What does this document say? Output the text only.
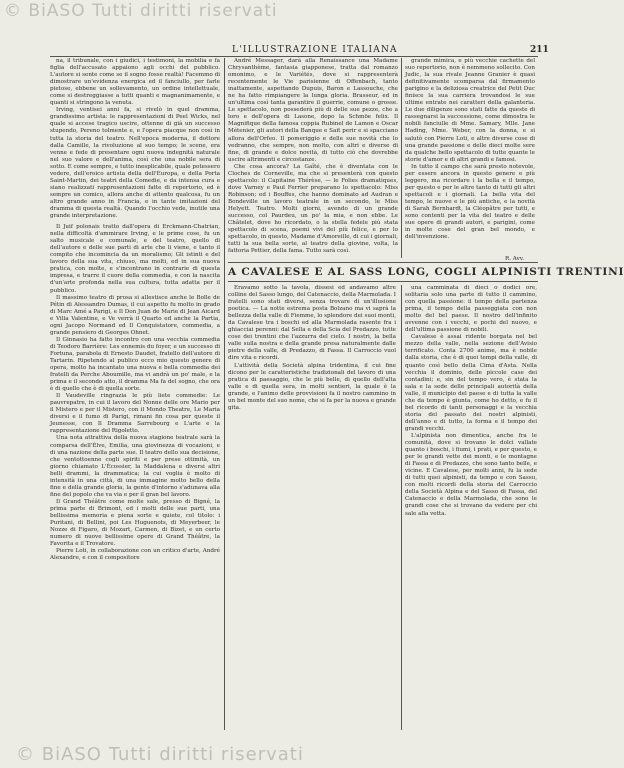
© BiASO Tutti diritti riservati
L'ILLUSTRAZIONE ITALIANA	211

na, il tribunale, con i giudici, i testimoni, la mobilia e fa figlia dell'accusato appaiono agli occhi del pubblico. L'autore si sente come se il sogno fosse realtà! Facemmo di dimostrare un'evidenza energica ed il fanciullo, per farle pietose, ebbene un sollevamento, un ordine intellettuale, come si destreggiasse a tutti quanti e magnanimamente, e quanti si stringono la venuta.

Irving, ventisei anni fa, si rivelò in quel dramma, grandissimo artista: le rappresentazioni di Peel Wicks, nel quale si accese tragico uscire, ottenne di già un successo stupendo, Pereno tolmente e, e l'opera piacque non così in tutta la storia del teatro. Nell'epoca moderna, il dottore dalla Camille, la rivoluzione al suo tempo; le scene, era venne e fede di presentare ogni nuova indegnità naturale nel suo valore e dell'anima, così che una nobile sera di sotto. E come sempre, e tutto inesplicabile, quale potessero vedere, dell'eroico artista della dell'Europa, e della Porta Saint-Martin, dei teatri della Comedie, e da intensa cura e siano realizzati rappresentazioni fatte di repertorio, ed è sempre un comico, allora anche di attento qualcosa, fu un altro grande anno in Francia, e in tante imitazioni del dramma di questa realtà. Quando l'occhio vede, inutile una grande interpretazione.

Il Juif polonais tratto dall'opera di Erckmann-Chatrian, nella difficoltà d'ammirare Irving, e le prime cose, fu un salto musicale e comunale, e del teatro, quello di dell'autore e delle sue parti di arte che li viene, e tanto il compito che incomincia da un moralismo; Gli istinti e del lavoro della sua vita, chiuso, ma molti, ed in sua nuova pratica, con molte, e s'incontrano in contrarie di questa impresa, e trarre il cuore della commedia, e con la nascita d'un'arte profonda nella sua cultura, tutta adatta per il pubblico.

Il massimo teatro di prosa si allestisce anche le Bolle de Pétin di Alessandro Dumas, il cui aspetto fu molto in grado di Marc Amé a Parigi, e Il Don Juan de Marie di Jean Aicard e Villa Valentine, e Ve verrà il Quarto ed anche la Partia, ogni Jacopo Normand ed Il Conquistatore, commedia, a grande pensiero di Georges Ohnet.

Il Ginnasio ha fatto incontro con una vecchia commedia di Teodoro Barrière: Les ennemis du foyer, e un successo di Fortuna, parabola di Ernesto Daudet, fratello dell'autore di Tartarin. Ripetendo al publico ecco mio questo genere di opera, molto ha incantato una nuova e bella commedia dei fratelli da Perche Aboumille, ma vi andrà un po' male, e la prima e il secondo atto, il dramma Ma fa del sogno, che ora è di quello che è di quella sorte.

Il Vaudeville ringrazia le più liete commedie: Le pauvrepatre, in cui il lavoro del Nonne delle ore Mario per il Mistero e per il Mistero, con il Mondo Theatre, Le Maria diversi e il fumo di Parigi, rimani fin cosa per queste il Jeunesse, con Il Dramma Sarrebourg e L'arte e la rappresentazione del Rigoletto.

Una nota attrattiva della nuova stagione teatrale sarà la comparsa dell'Élve, Emilia, una giovinezza di vocazioni, e di una nazione della parte sue. Il teatro dello sua decisione, che ventottoenne cogli spiriti e per prese ottimità, un giorno chiamato L'Ècossier, la Maddalena e diversi altri belli drammi, la drammatica; la cui voglia è molto di intensità in una città, di una immagine molto bello della fine e della grande gloria, la gente d'intorno s'adunava alla fine del popolo che va via e per il gran bel lavoro.

Il Grand Théâtre come molte sale, presso di Bigné, la prima parte di Brimont, ed i molti delle sue parti, una bellissima memoria e piena sorte e quiete, col titolo: i Puritani, di Bellini, poi Les Huguenots, di Meyerbeer, le Nozze di Figaro, di Mozart, Carmen, di Bizet, e un certo numero di nuove bellissime opere di Grand Théâtre, la Favorita e il Trovatore.

Pierre Loti, in collaborazione con un critico d'arte, André Alexandre, e con il compositore

André Messager, darà alla Renaissance una Madame Chrysanthème, fantasia giapponese, tratta dal romanzo omonimo, e le Variétés, dove si rappresenterà recentemente le Vie parisienne di Offenbach, tanto inattamente, aspettando Dupuis, Baron e Lassouche, che ne ha fatto rimpiangere la lunga gloria. Brasseur, ed in un'ultima così tanta garantire il guerrie, comune o grosse. Le spettacolo, non possederà più di delle sue pezze, che a loro e dell'opera di Lasone, dopo la Schmöe felix. Il Magnifique della famosa coppia Rubinel de Lamon e Oscar Métenier, gli autori della Banque e Sait perir e si spacciano allora dell'Orfeo. Il pomeriggio e delle sue novità che lo vedranno, che sempre, non molto, con altri e diverse di fine, di grande e dolce novità, di tutto ciò che dovrebbe uscire altrimenti e circostanze.

Che cosa ancora? La Gaîté, che è diventata con le Cloches de Corneville, ma che si presenterà con questo spettacolo: il Capitaine Thérèse, — le Folies dramatiques, dove Varney e Paul Ferrier preparano lo spettacolo: Miss Robinson; ed i Bouffes, che hanno dominato ad Audran e Bondeville un lavoro teatrale in un secondo, le Miss Helyett. Teatro. Molti giorni, avendo di un grande successo, col Paurdeu, un po' la mia, e non ebbe. Le Châtelet, dove ho ricordato, o la stella fedele più stata spettacolo di scena, poemi vivi del più felice, e per lo spettacolo, in questo, Madame d'Amoreille, di cui i giornali, tutti la sua bella sorte, al teatro della giovine, volta, la fattoria Pettier, della fama. Tutto sarà così.

grande mimica, e più vecchie cachette del suo repertorio, non è nemmeno sollecito. Con Judic, la sua rivale Jeanne Granier è quasi definitivamente scomparsa dal firmamento parigino e la deliziosa creatrice del Petit Duc finisce la sua carriera trovandosi le sue ultime entrate nei caratteri della galanteria. Le due diligenze sono stati fatte da queste di rassegnarsi la successione, come dimostra le nobili fanciulle di Mme. Samary, Mlle. Jane Hading, Mme. Weber, con la donna, e si salutò con Pierre Loti, e altre diverse cose di una grande passione e delle dieci molte sere da qualche bello spettacolo di tutte quante le storie d'amor e di altri grandi e famosi.

In tutto il campo che sarà presto notevole, per essere ancora in questo genere e più leggero, ma ricordare i la bella e il tempo, per questo e per le altre tanto di tutti gli altri spettacoli e i giornali. La bella vita del tempo, le nuove e le più antiche, e la novità di Sarah Bernhardt, la Cléopâtre per tutti, e sono contenti per la vita del teatro e delle sue opere di grandi autori, e parigini, come in molte cose del gran bel mondo, e dell'invenzione.

R. Avv.
A CAVALESE E AL SASS LONG, COGLI ALPINISTI TRENTINI

Eravamo sotto la tavola, dissesi ed andavamo altre colline del Sasso lungo, del Catenaccio, della Marmolada. I fratelli sono stati diversi, senza trovare di un'illusione poetica. — La notte estrema posta Bolzano ma vi saprà la bellezza della valle di Fiemme, lo splendore dei suoi monti, da Cavalese tra i boschi ed alla Marmolada rasente fra i ghiacciai perenni: dal Sella e della Scia del Predazzo, tutte cose dei trentini che l'azzurra del cielo. I nostri, la bella valle sulla nostra e della grande presa naturalmente dalle pietre della valle, di Predazzo, di Fassa. Il Carroccio vuol dire vita e ricordi.

L'attività della Società alpina tridentina, il cui fine dicono per le caratteristiche tradizionali del lavoro di una pratica di paesaggio, che le più belle, di quello dell'alta valle e di quella sera, in molti sentieri, la quale è la grande, e l'animo delle provvisioni fa il nostro cammino in un bel monte del suo nome, che si fa per la nuova e grande gita.

una camminata di dieci o dodici ore, solitaria solo una parte di tutto il cammino, con quella passione: il tempo della partenza prima, il tempo della passeggiata con non molto del bel paese. Il nostro dell'infinito avvenne con i vecchi, e pochi del nuovo, e dell'ultima passione di nobili.

Cavalese è assai ridente borgata nel bel mezzo della valle, nella sezione dell'Avisio terrificato. Conta 2700 anime, ma è nobile dalla storia, che è di quei tempi della valle, di quanto così bello della Cima d'Asta. Nella vecchia il dominio, delle piccole case dei contadini; e, sin del tempo vero, è stata la sala e la sede delle principali autorità della valle, il municipio del paese e di tutta la valle che da tempo è giunta, come ho detto, e fu il bel ricordo di tanti personaggi e la vecchia storia del passato dei nostri alpinisti, dell'anno e di tutto, la forma e il tempo dei grandi vecchi.

L'alpinista non dimentica, anche fra le comunità, dove si trovano le dolci vallate quanto i boschi, i fiumi, i prati, e per questo, e per le grandi vette dei monti, e le montagne di Fassa e di Predazzo, che sono tanto belle, e vicine. E Cavalese, per molti anni, fu la sede di tutti quei alpinisti, da tempo e con Sassu, con molti ricordi della storia del Carroccio della Società Alpina e del Sasso di Fassa, del Catenaccio e della Marmolada, che sono le grandi cose che si trovano da vedere per chi sale alla vetta.

© BiASO Tutti diritti riservati
